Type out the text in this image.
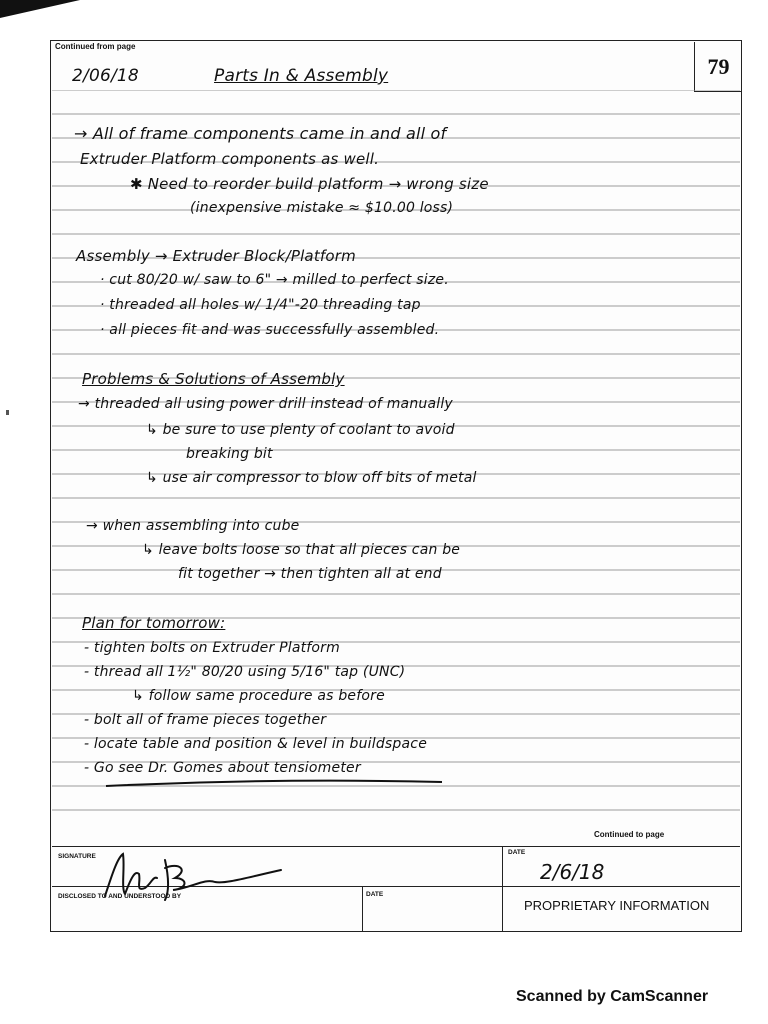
Continued from page
79
2/06/18	Parts In & Assembly
→ All of frame components came in and all of
Extruder Platform components as well.
✱ Need to reorder build platform → wrong size
(inexpensive mistake ≈ $10.00 loss)
Assembly → Extruder Block/Platform
· cut 80/20 w/ saw to 6" → milled to perfect size.
· threaded all holes w/ 1/4"-20 threading tap
· all pieces fit and was successfully assembled.
Problems & Solutions of Assembly
→ threaded all using power drill instead of manually
↳ be sure to use plenty of coolant to avoid
breaking bit
↳ use air compressor to blow off bits of metal
→ when assembling into cube
↳ leave bolts loose so that all pieces can be
fit together → then tighten all at end
Plan for tomorrow:
- tighten bolts on Extruder Platform
- thread all 1½" 80/20 using 5/16" tap (UNC)
↳ follow same procedure as before
- bolt all of frame pieces together
- locate table and position & level in buildspace
- Go see Dr. Gomes about tensiometer
Continued to page
SIGNATURE
DATE
2/6/18
DISCLOSED TO AND UNDERSTOOD BY	DATE
PROPRIETARY INFORMATION
Scanned by CamScanner
